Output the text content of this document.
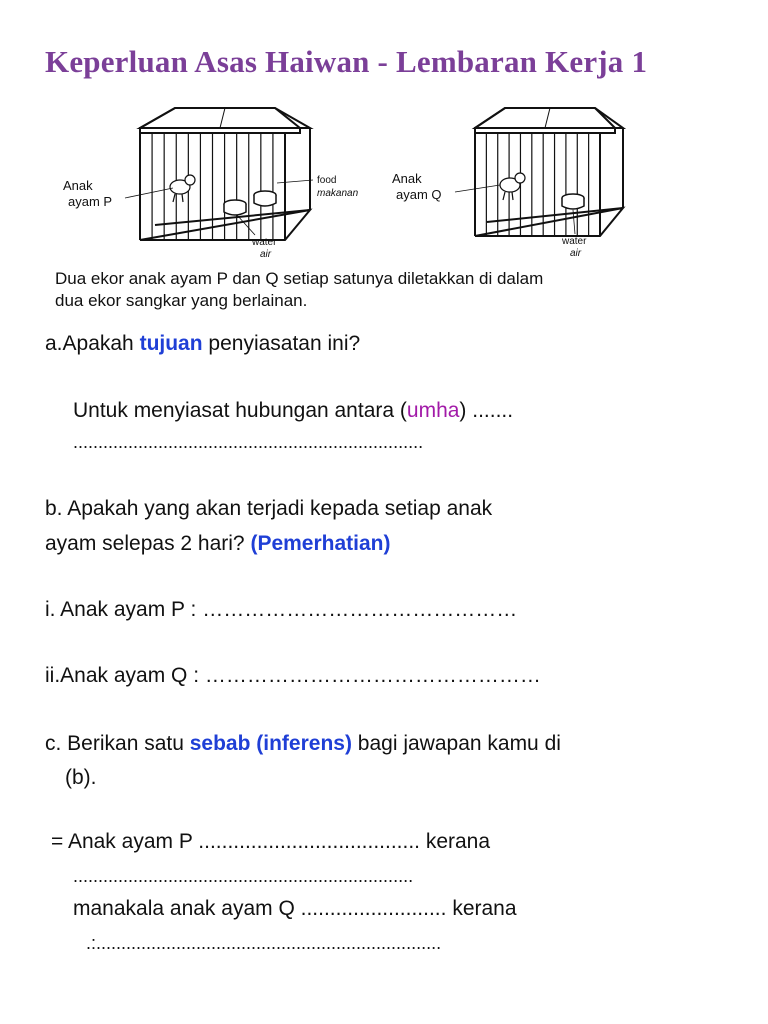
Keperluan Asas Haiwan - Lembaran Kerja 1
Anak
ayam P
food
makanan
water
air
Anak
ayam Q
water
air
Dua ekor anak ayam P dan Q setiap satunya diletakkan di dalam
dua ekor sangkar yang berlainan.
a.Apakah tujuan penyiasatan ini?
Untuk menyiasat hubungan antara (umha) .......
......................................................................
b. Apakah yang akan terjadi kepada setiap anak
ayam selepas 2 hari? (Pemerhatian)
i. Anak ayam P : ………………………………………
ii.Anak ayam Q : …………………………………………
c. Berikan satu sebab (inferens) bagi jawapan kamu di
(b).
= Anak ayam P ...................................... kerana
....................................................................
manakala anak ayam Q ......................... kerana
.:.....................................................................
